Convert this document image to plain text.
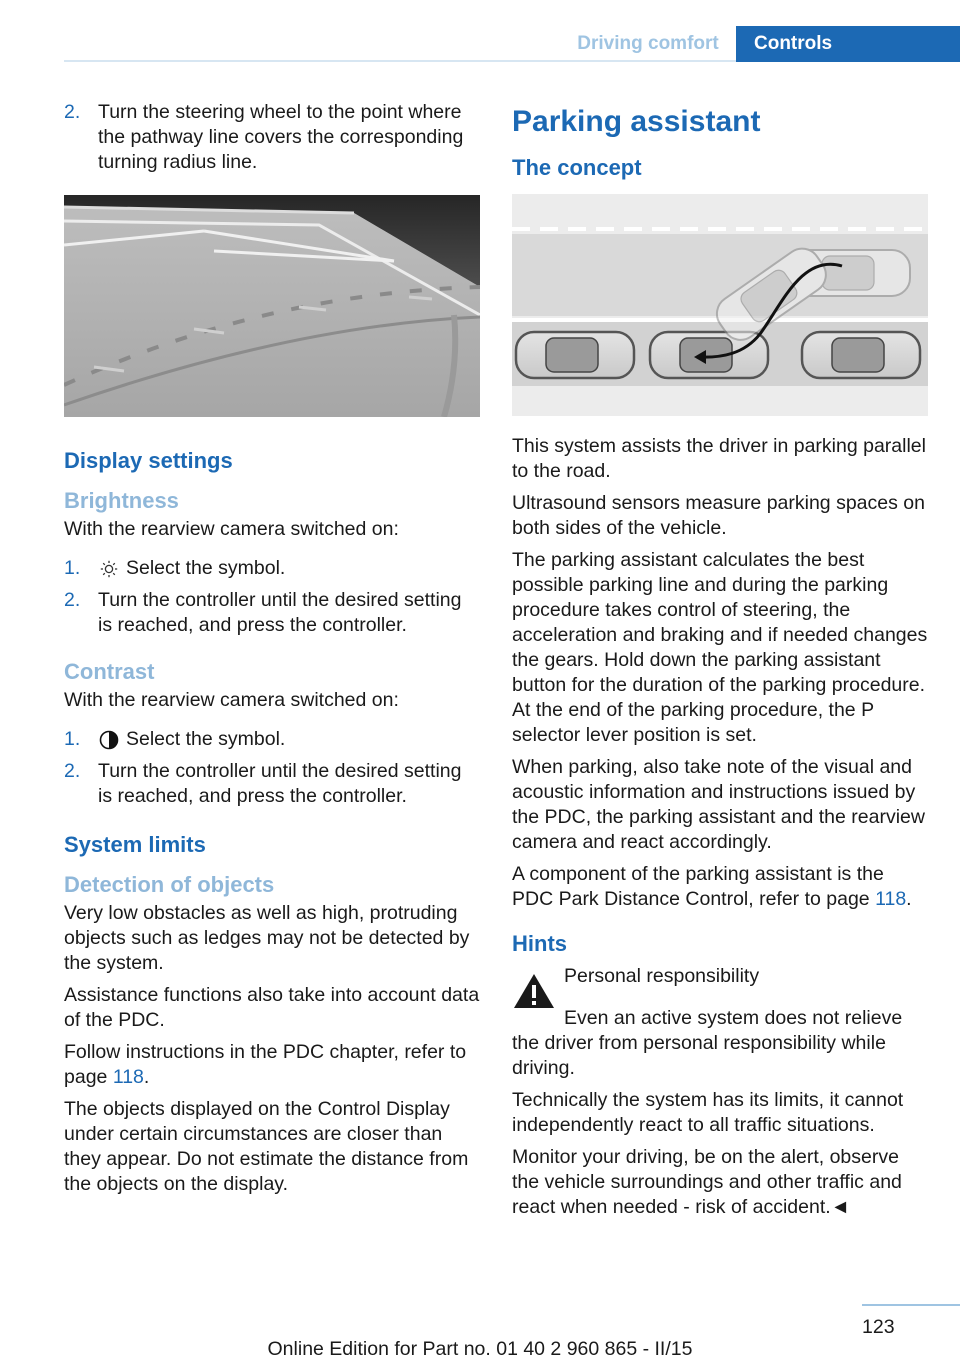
Driving comfort	Controls
2. Turn the steering wheel to the point where the pathway line covers the corresponding turning radius line.
Display settings
Brightness

With the rearview camera switched on:

1.	Select the symbol.
2. Turn the controller until the desired setting is reached, and press the controller.
Contrast

With the rearview camera switched on:

1.	Select the symbol.
2. Turn the controller until the desired setting is reached, and press the controller.
System limits
Detection of objects

Very low obstacles as well as high, protruding objects such as ledges may not be detected by the system.

Assistance functions also take into account data of the PDC.

Follow instructions in the PDC chapter, refer to page 118.

The objects displayed on the Control Display under certain circumstances are closer than they appear. Do not estimate the distance from the objects on the display.

Parking assistant
The concept

This system assists the driver in parking parallel to the road.

Ultrasound sensors measure parking spaces on both sides of the vehicle.

The parking assistant calculates the best possible parking line and during the parking procedure takes control of steering, the acceleration and braking and if needed changes the gears. Hold down the parking assistant button for the duration of the parking procedure. At the end of the parking procedure, the P selector lever position is set.

When parking, also take note of the visual and acoustic information and instructions issued by the PDC, the parking assistant and the rearview camera and react accordingly.

A component of the parking assistant is the PDC Park Distance Control, refer to page 118.

Hints

Personal responsibility

Even an active system does not relieve the driver from personal responsibility while driving.

Technically the system has its limits, it cannot independently react to all traffic situations.

Monitor your driving, be on the alert, observe the vehicle surroundings and other traffic and react when needed - risk of accident.◄

123
Online Edition for Part no. 01 40 2 960 865 - II/15
